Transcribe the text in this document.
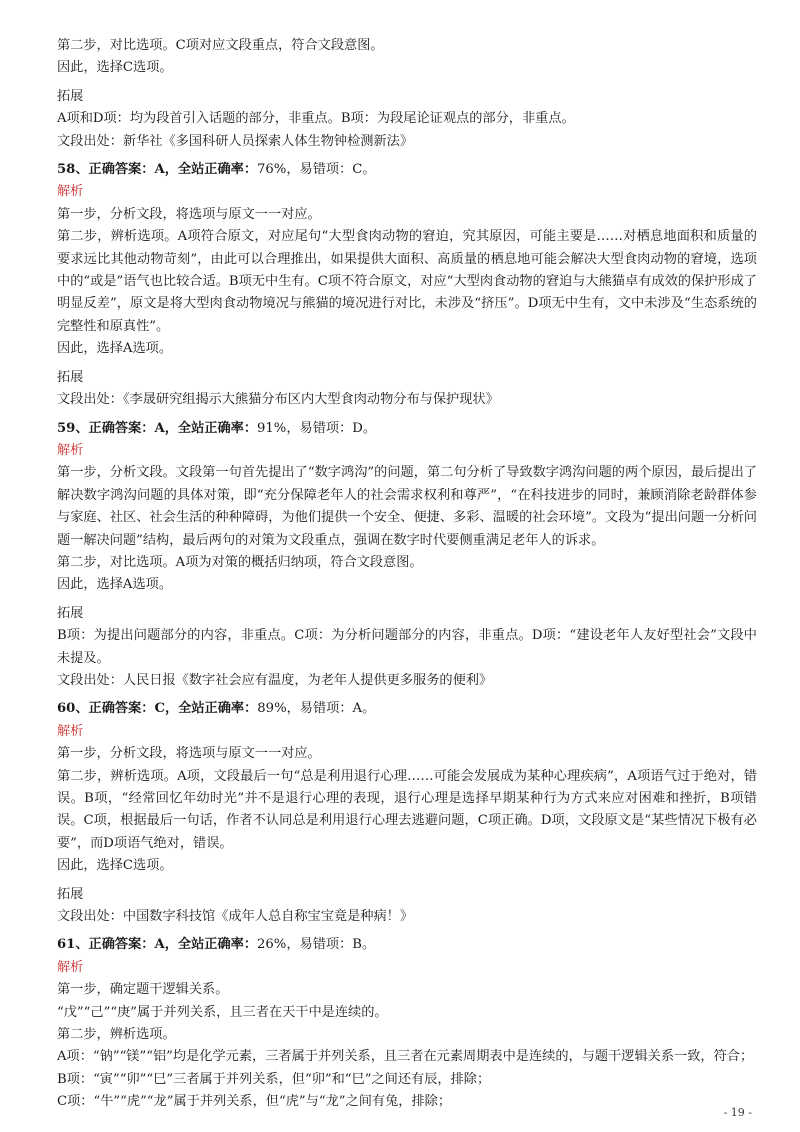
第二步，对比选项。C项对应文段重点，符合文段意图。

因此，选择C选项。

拓展

A项和D项：均为段首引入话题的部分，非重点。B项：为段尾论证观点的部分，非重点。

文段出处：新华社《多国科研人员探索人体生物钟检测新法》

58、正确答案：A，全站正确率：76%，易错项：C。

解析

第一步，分析文段，将选项与原文一一对应。

第二步，辨析选项。A项符合原文，对应尾句“大型食肉动物的窘迫，究其原因，可能主要是……对栖息地面积和质量的要求远比其他动物苛刻”，由此可以合理推出，如果提供大面积、高质量的栖息地可能会解决大型食肉动物的窘境，选项中的“或是”语气也比较合适。B项无中生有。C项不符合原文，对应“大型肉食动物的窘迫与大熊猫卓有成效的保护形成了明显反差”，原文是将大型肉食动物境况与熊猫的境况进行对比，未涉及“挤压”。D项无中生有，文中未涉及“生态系统的完整性和原真性”。

因此，选择A选项。

拓展

文段出处：《李晟研究组揭示大熊猫分布区内大型食肉动物分布与保护现状》

59、正确答案：A，全站正确率：91%，易错项：D。

解析

第一步，分析文段。文段第一句首先提出了“数字鸿沟”的问题，第二句分析了导致数字鸿沟问题的两个原因，最后提出了解决数字鸿沟问题的具体对策，即“充分保障老年人的社会需求权利和尊严”，“在科技进步的同时，兼顾消除老龄群体参与家庭、社区、社会生活的种种障碍，为他们提供一个安全、便捷、多彩、温暖的社会环境”。文段为“提出问题一分析问题一解决问题”结构，最后两句的对策为文段重点，强调在数字时代要侧重满足老年人的诉求。

第二步，对比选项。A项为对策的概括归纳项，符合文段意图。

因此，选择A选项。

拓展

B项：为提出问题部分的内容，非重点。C项：为分析问题部分的内容，非重点。D项：“建设老年人友好型社会”文段中未提及。

文段出处：人民日报《数字社会应有温度，为老年人提供更多服务的便利》

60、正确答案：C，全站正确率：89%，易错项：A。

解析

第一步，分析文段，将选项与原文一一对应。

第二步，辨析选项。A项，文段最后一句“总是利用退行心理……可能会发展成为某种心理疾病”，A项语气过于绝对，错误。B项，“经常回忆年幼时光”并不是退行心理的表现，退行心理是选择早期某种行为方式来应对困难和挫折，B项错误。C项，根据最后一句话，作者不认同总是利用退行心理去逃避问题，C项正确。D项，文段原文是“某些情况下极有必要”，而D项语气绝对，错误。

因此，选择C选项。

拓展

文段出处：中国数字科技馆《成年人总自称宝宝竟是种病！》

61、正确答案：A，全站正确率：26%，易错项：B。

解析

第一步，确定题干逻辑关系。

“戊”“己”“庚”属于并列关系，且三者在天干中是连续的。

第二步，辨析选项。

A项：“钠”“镁”“铝”均是化学元素，三者属于并列关系，且三者在元素周期表中是连续的，与题干逻辑关系一致，符合；

B项：“寅”“卯”“巳”三者属于并列关系，但“卯”和“巳”之间还有辰，排除；

C项：“牛”“虎”“龙”属于并列关系，但“虎”与“龙”之间有兔，排除；

- 19 -
